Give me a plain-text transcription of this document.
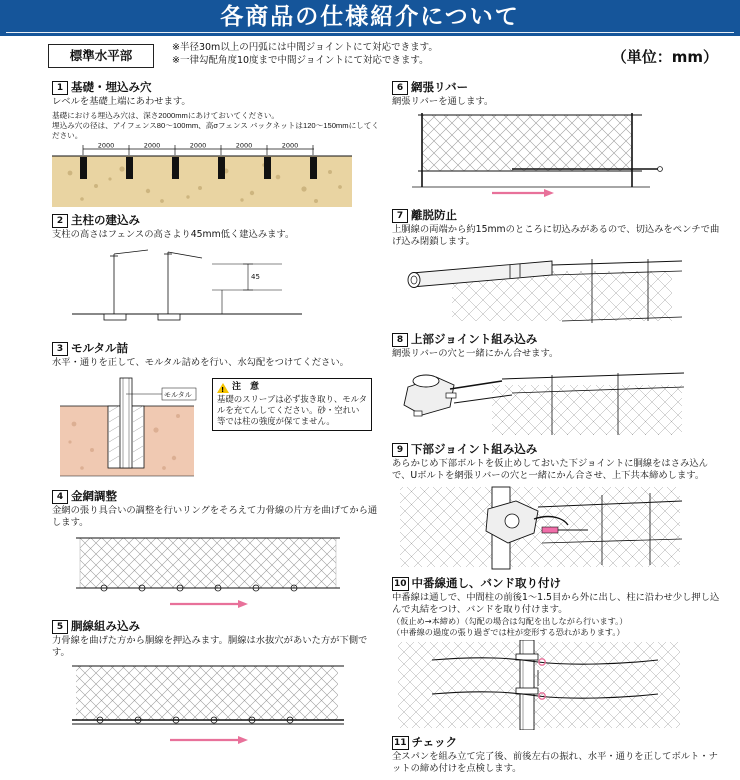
各商品の仕様紹介について
標準水平部
※半径30m以上の円弧には中間ジョイントにて対応できます。
※一律勾配角度10度まで中間ジョイントにて対応できます。	（単位：mm）
1 基礎・埋込み穴
レベルを基礎上端にあわせます。
基礎における埋込み穴は、深さ2000mmにあけておいてください。
埋込み穴の径は、アイフェンス80〜100mm、高σフェンス バックネットは120〜150mmにしてください。
2000	2000	2000	2000	2000
2 主柱の建込み
支柱の高さはフェンスの高さより45mm低く建込みます。
45
3 モルタル詰
水平・通りを正して、モルタル詰めを行い、水勾配をつけてください。
モルタル
!
注　意
基礎のスリーブは必ず抜き取り、モルタルを充てんしてください。砂・空れい等では柱の強度が保てません。
4 金網調整
金網の張り具合いの調整を行いリングをそろえて力骨線の片方を曲げてから通します。
5 胴線組み込み
力骨線を曲げた方から胴線を押込みます。胴線は水抜穴があいた方が下側です。
6 網張リバー
網張リバーを通します。
7 離脱防止
上胴線の両端から約15mmのところに切込みがあるので、切込みをペンチで曲げ込み閉鎖します。
8 上部ジョイント組み込み
網張リバーの穴と一緒にかん合せます。
9 下部ジョイント組み込み
あらかじめ下部ボルトを仮止めしておいた下ジョイントに胴線をはさみ込んで、Uボルトを網張リバーの穴と一緒にかん合させ、上下共本締めします。
10 中番線通し、バンド取り付け
中番線は通しで、中間柱の前後1〜1.5目から外に出し、柱に沿わせ少し押し込んで丸結をつけ、バンドを取り付けます。
（仮止め→本締め）（勾配の場合は勾配を出しながら行います。）
（中番線の過度の張り過ぎでは柱が変形する恐れがあります。）
11 チェック
全スパンを組み立て完了後、前後左右の振れ、水平・通りを正してボルト・ナットの締め付けを点検します。
